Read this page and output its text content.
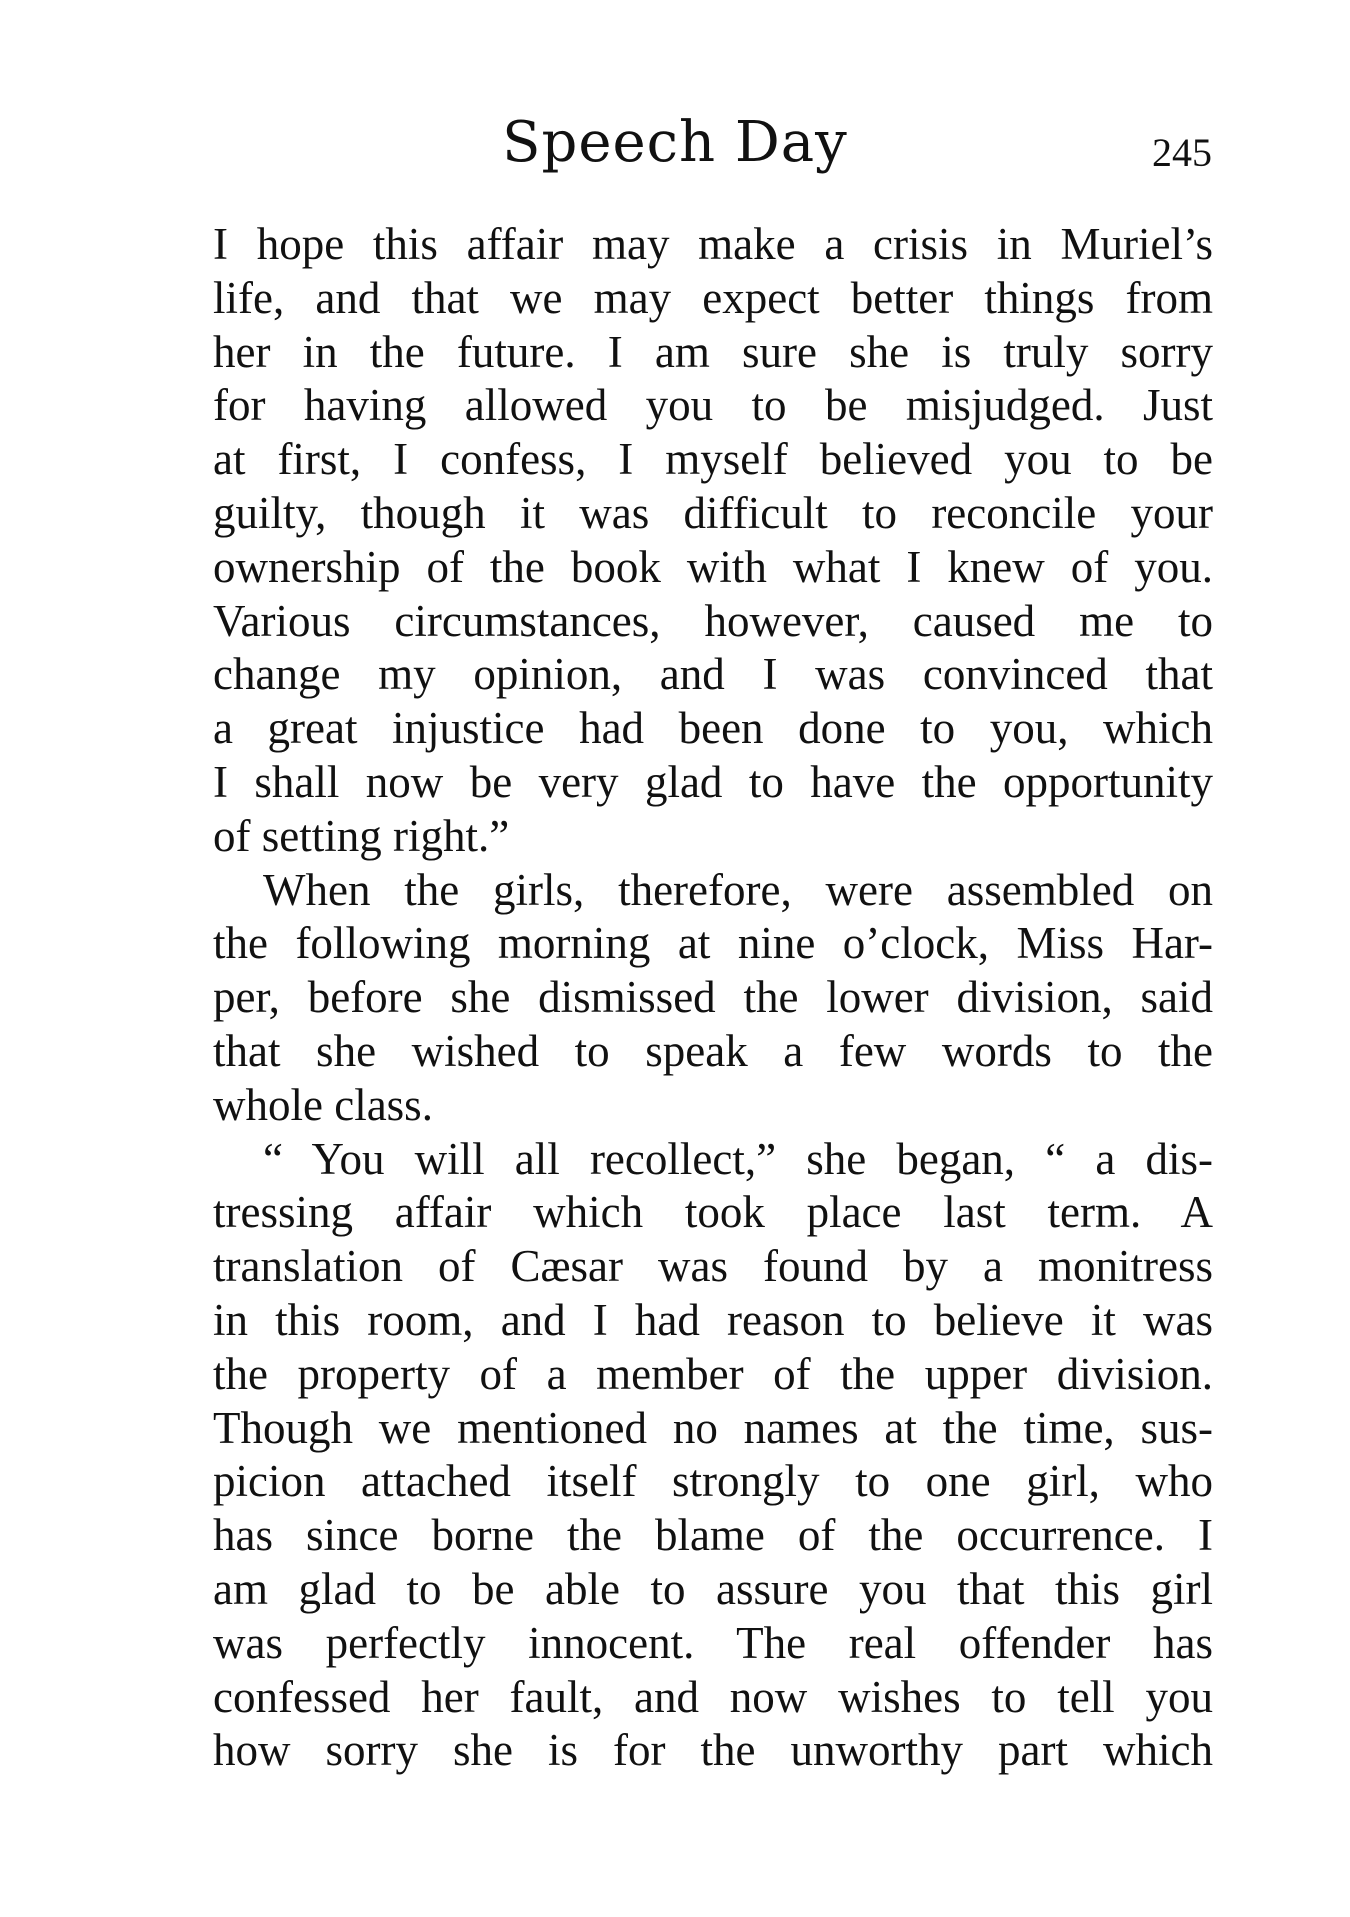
Speech Day	245
I hope this affair may make a crisis in Muriel’s
life, and that we may expect better things from
her in the future. I am sure she is truly sorry
for having allowed you to be misjudged. Just
at first, I confess, I myself believed you to be
guilty, though it was difficult to reconcile your
ownership of the book with what I knew of you.
Various circumstances, however, caused me to
change my opinion, and I was convinced that
a great injustice had been done to you, which
I shall now be very glad to have the opportunity
of setting right.”
When the girls, therefore, were assembled on
the following morning at nine o’clock, Miss Har-
per, before she dismissed the lower division, said
that she wished to speak a few words to the
whole class.
“ You will all recollect,” she began, “ a dis-
tressing affair which took place last term. A
translation of Cæsar was found by a monitress
in this room, and I had reason to believe it was
the property of a member of the upper division.
Though we mentioned no names at the time, sus-
picion attached itself strongly to one girl, who
has since borne the blame of the occurrence. I
am glad to be able to assure you that this girl
was perfectly innocent. The real offender has
confessed her fault, and now wishes to tell you
how sorry she is for the unworthy part which
